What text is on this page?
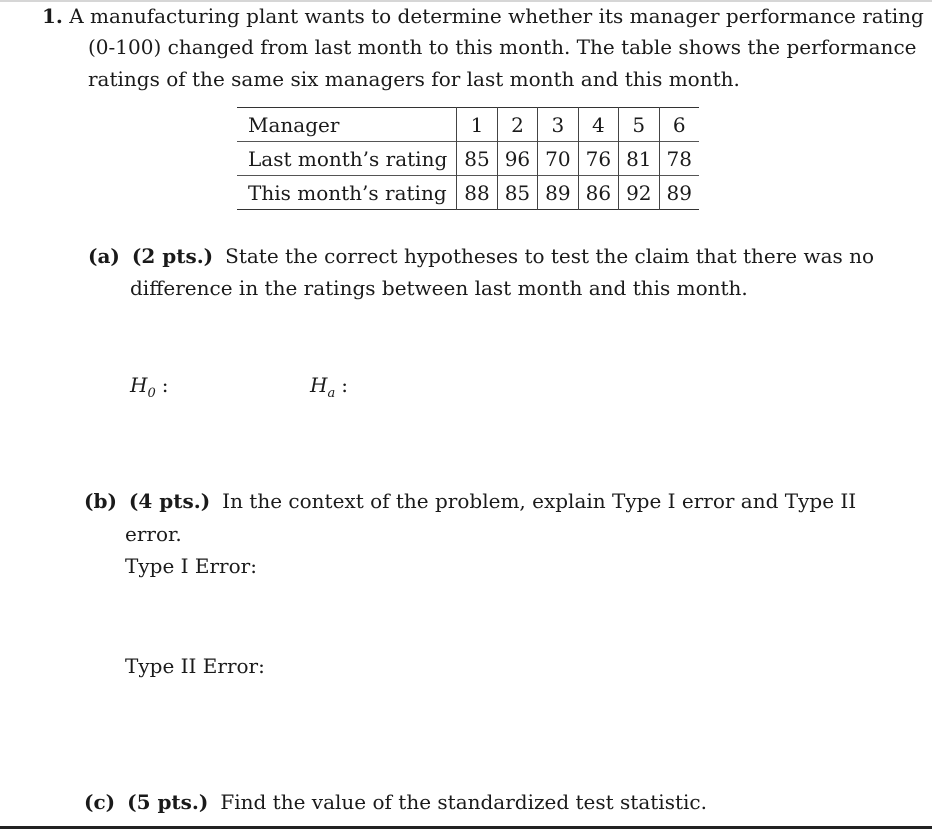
1. A manufacturing plant wants to determine whether its manager performance rating
(0-100) changed from last month to this month. The table shows the performance
ratings of the same six managers for last month and this month.
Manager	1	2	3	4	5	6
Last month’s rating	85	96	70	76	81	78
This month’s rating	88	85	89	86	92	89
(a) (2 pts.) State the correct hypotheses to test the claim that there was no
difference in the ratings between last month and this month.
$H_0$ :	$H_a$ :
(b) (4 pts.) In the context of the problem, explain Type I error and Type II
error.
Type I Error:
Type II Error:
(c) (5 pts.) Find the value of the standardized test statistic.
